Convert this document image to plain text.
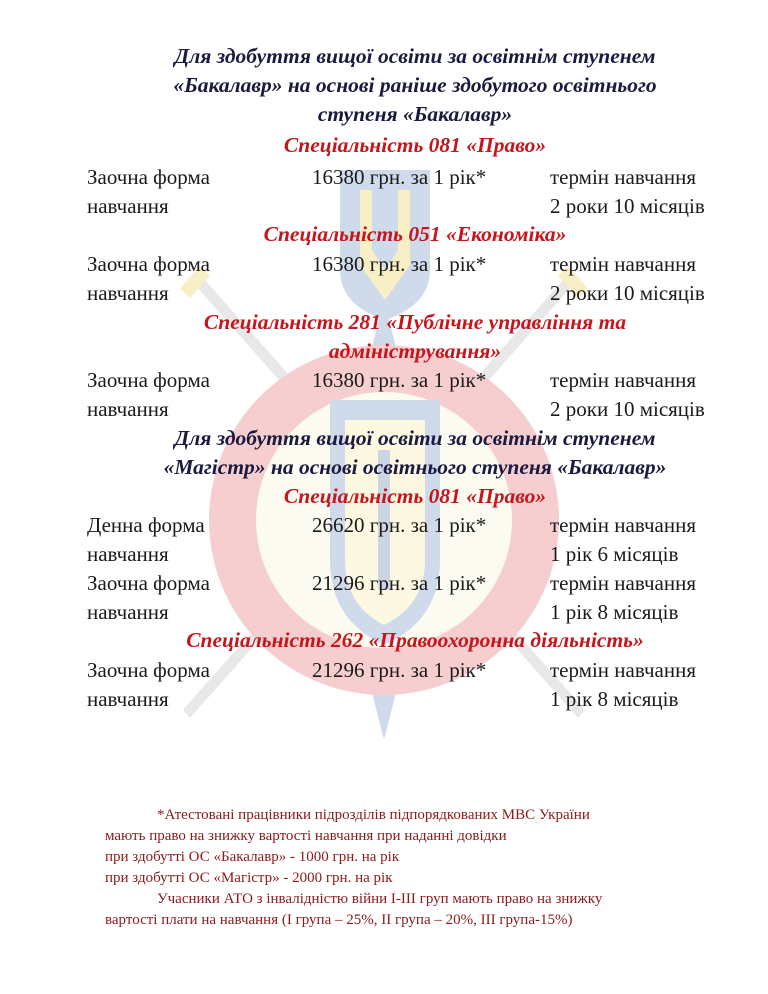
Для здобуття вищої освіти за освітнім ступенем
«Бакалавр» на основі раніше здобутого освітнього
ступеня «Бакалавр»
Спеціальність 081 «Право»
Заочна форма
навчання
16380 грн. за 1 рік*	термін навчання
2 роки 10 місяців
Спеціальність 051 «Економіка»
Заочна форма
навчання
16380 грн. за 1 рік*	термін навчання
2 роки 10 місяців
Спеціальність 281 «Публічне управління та
адміністрування»
Заочна форма
навчання
16380 грн. за 1 рік*	термін навчання
2 роки 10 місяців
Для здобуття вищої освіти за освітнім ступенем
«Магістр» на основі освітнього ступеня «Бакалавр»
Спеціальність 081 «Право»
Денна форма
навчання
26620 грн. за 1 рік*	термін навчання
1 рік 6 місяців
Заочна форма
навчання
21296 грн. за 1 рік*	термін навчання
1 рік 8 місяців
Спеціальність 262 «Правоохоронна діяльність»
Заочна форма
навчання
21296 грн. за 1 рік*	термін навчання
1 рік 8 місяців
*Атестовані працівники підрозділів підпорядкованих МВС України
мають право на знижку вартості навчання при наданні довідки
при здобутті ОС «Бакалавр» - 1000 грн. на рік
при здобутті ОС «Магістр» - 2000 грн. на рік
Учасники АТО з інвалідністю війни I-III груп мають право на знижку
вартості плати на навчання (I група – 25%, II група – 20%, III група-15%)
